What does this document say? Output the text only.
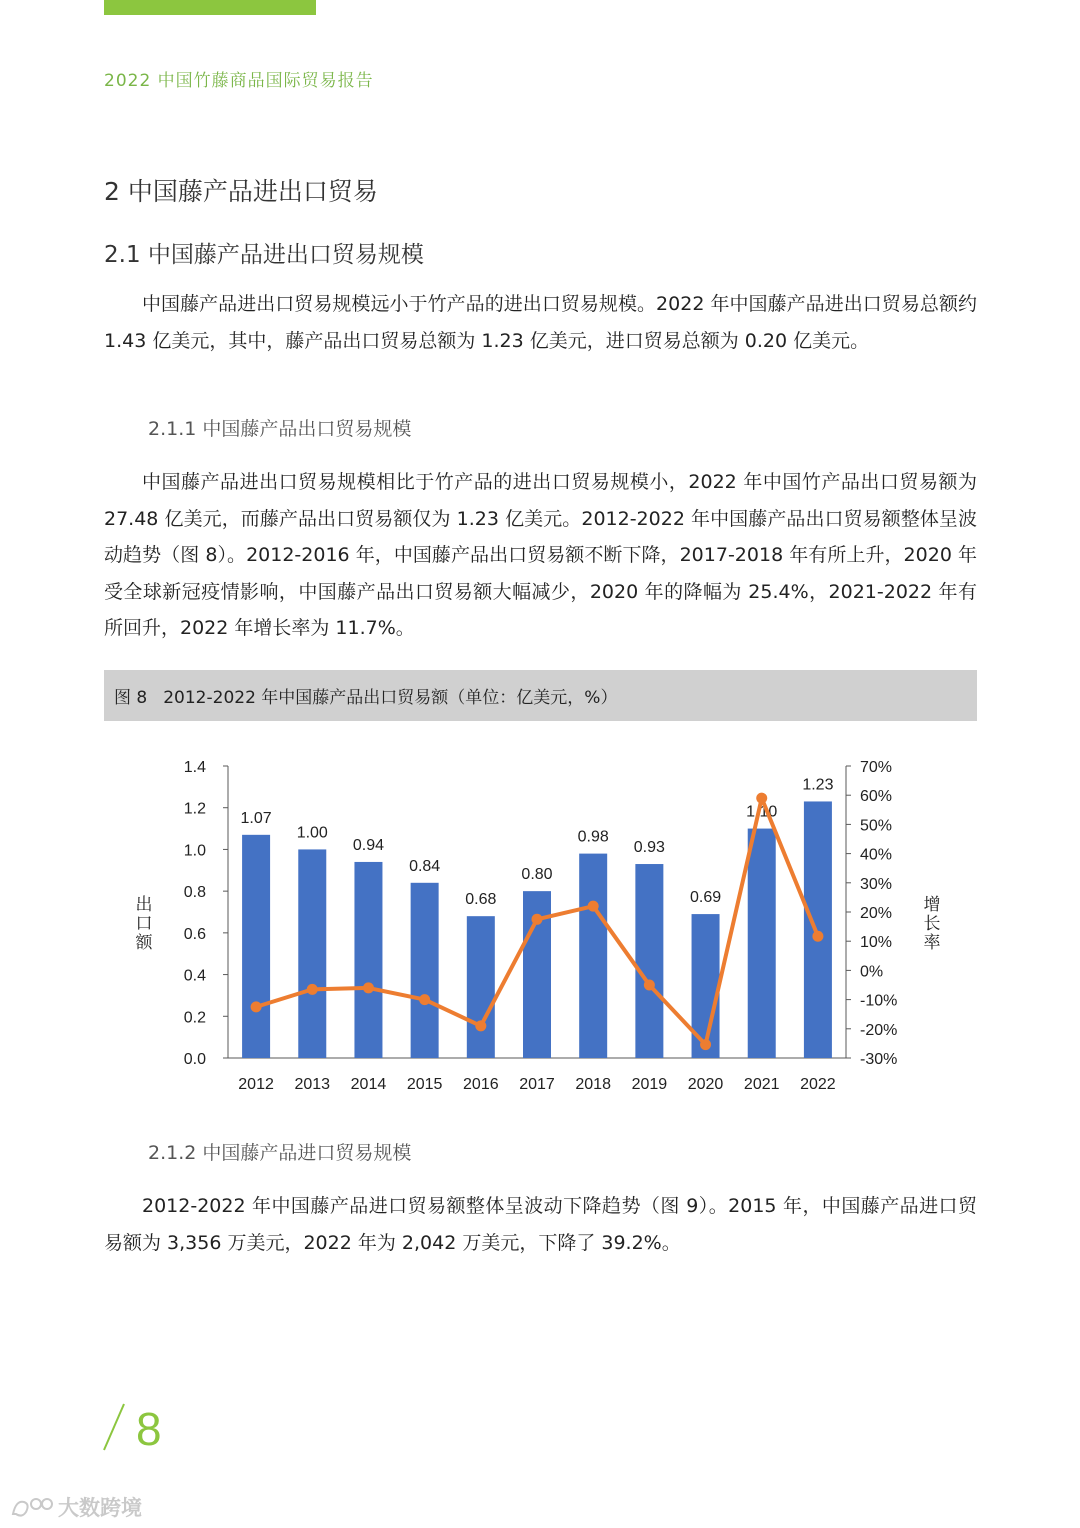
2022 中国竹藤商品国际贸易报告
2 中国藤产品进出口贸易
2.1 中国藤产品进出口贸易规模

中国藤产品进出口贸易规模远小于竹产品的进出口贸易规模。2022 年中国藤产品进出口贸易总额约 1.43 亿美元，其中，藤产品出口贸易总额为 1.23 亿美元，进口贸易总额为 0.20 亿美元。

2.1.1 中国藤产品出口贸易规模

中国藤产品进出口贸易规模相比于竹产品的进出口贸易规模小，2022 年中国竹产品出口贸易额为 27.48 亿美元，而藤产品出口贸易额仅为 1.23 亿美元。2012-2022 年中国藤产品出口贸易额整体呈波动趋势（图 8）。2012-2016 年，中国藤产品出口贸易额不断下降，2017-2018 年有所上升，2020 年受全球新冠疫情影响，中国藤产品出口贸易额大幅减少，2020 年的降幅为 25.4%，2021-2022 年有所回升，2022 年增长率为 11.7%。

图 8 2012-2022 年中国藤产品出口贸易额（单位：亿美元，%）
0.0
0.2
0.4
0.6
0.8
1.0
1.2
1.4
-30%
-20%
-10%
0%
10%
20%
30%
40%
50%
60%
70%
1.07
2012
1.00
2013
0.94
2014
0.84
2015
0.68
2016
0.80
2017
0.98
2018
0.93
2019
0.69
2020
1.10
2021
1.23
2022
出口额
增长率
2.1.2 中国藤产品进口贸易规模

2012-2022 年中国藤产品进口贸易额整体呈波动下降趋势（图 9）。2015 年，中国藤产品进口贸易额为 3,356 万美元，2022 年为 2,042 万美元，下降了 39.2%。

8
大数跨境
